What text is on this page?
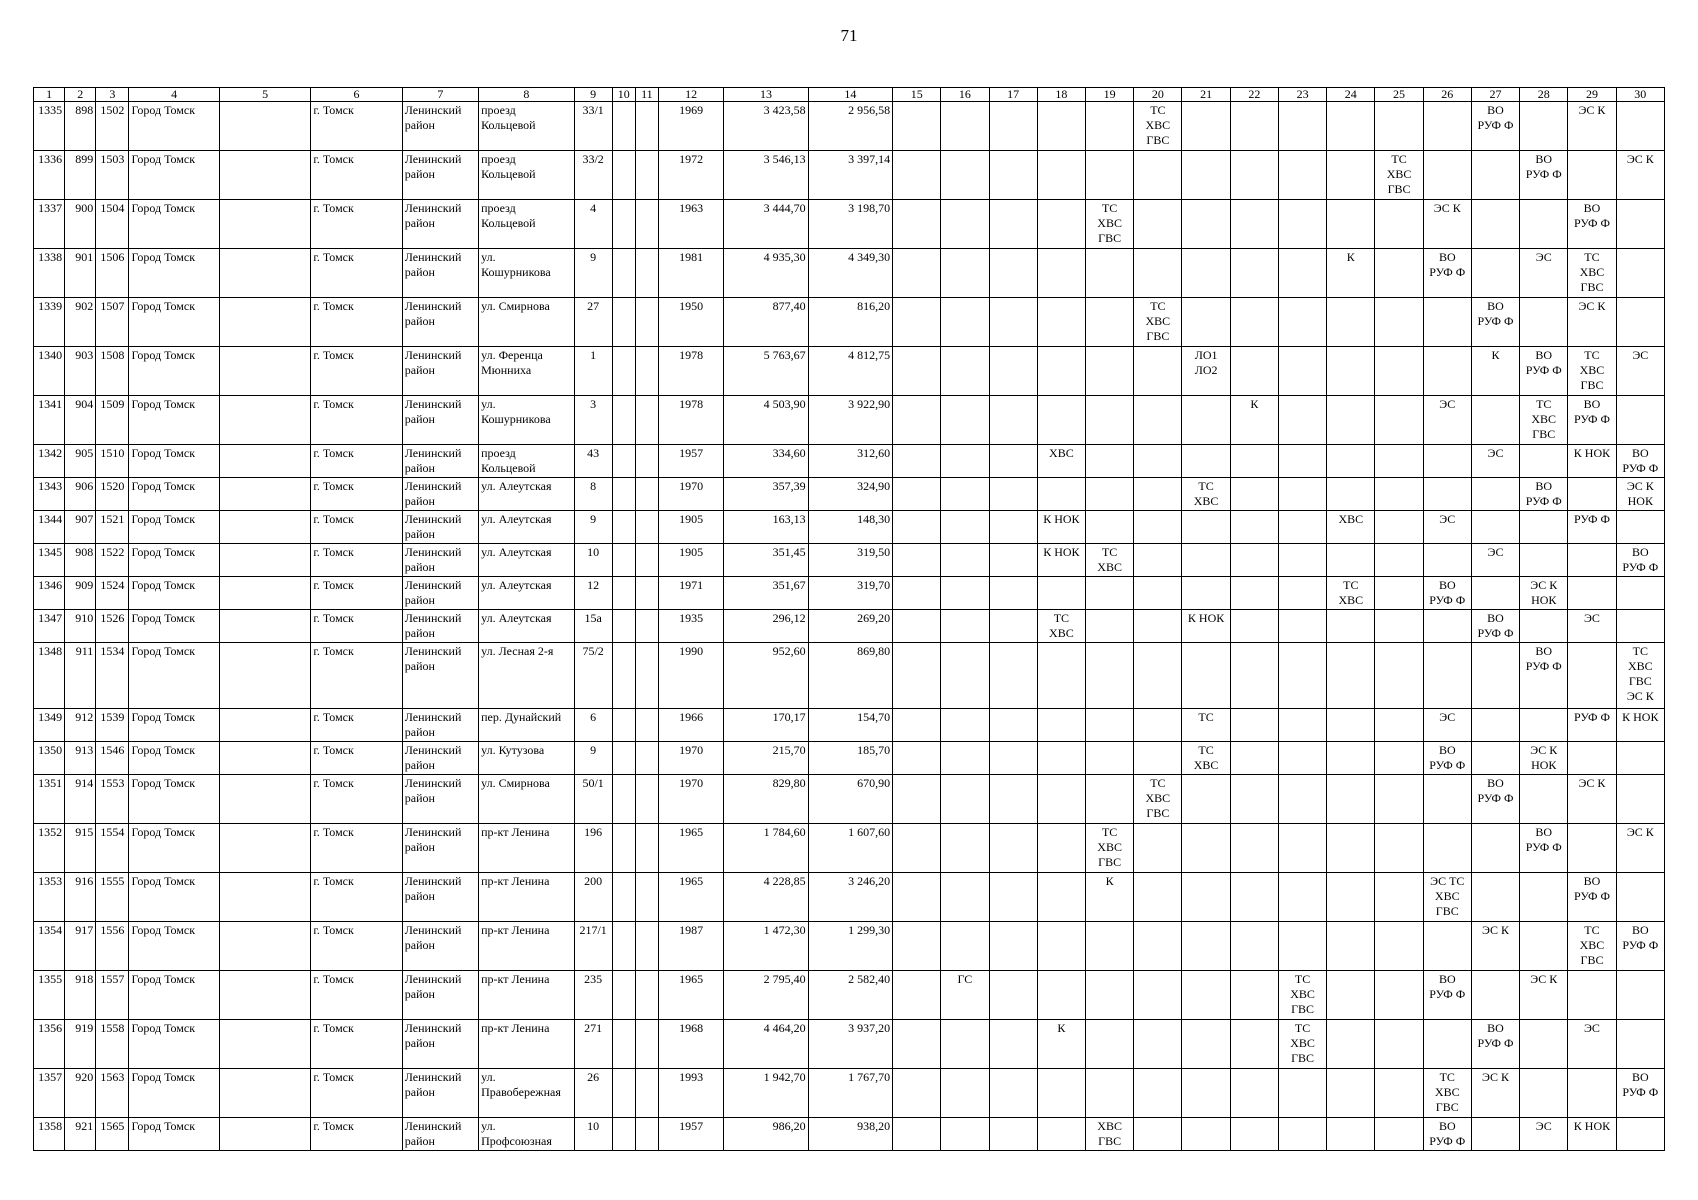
71
1	2	3	4	5	6	7	8	9	10	11	12	13	14	15	16	17	18	19	20	21	22	23	24	25	26	27	28	29	30
1335	898	1502	Город Томск		г. Томск	Ленинский
район	проезд
Кольцевой	33/1			1969	3 423,58	2 956,58						ТС
ХВС
ГВС							ВО
РУФ Ф		ЭС К	
1336	899	1503	Город Томск		г. Томск	Ленинский
район	проезд
Кольцевой	33/2			1972	3 546,13	3 397,14											ТС
ХВС
ГВС			ВО
РУФ Ф		ЭС К
1337	900	1504	Город Томск		г. Томск	Ленинский
район	проезд
Кольцевой	4			1963	3 444,70	3 198,70					ТС
ХВС
ГВС							ЭС К			ВО
РУФ Ф	
1338	901	1506	Город Томск		г. Томск	Ленинский
район	ул.
Кошурникова	9			1981	4 935,30	4 349,30										К		ВО
РУФ Ф		ЭС	ТС
ХВС
ГВС	
1339	902	1507	Город Томск		г. Томск	Ленинский
район	ул. Смирнова	27			1950	877,40	816,20						ТС
ХВС
ГВС							ВО
РУФ Ф		ЭС К	
1340	903	1508	Город Томск		г. Томск	Ленинский
район	ул. Ференца
Мюнниха	1			1978	5 763,67	4 812,75							ЛО1
ЛО2						К	ВО
РУФ Ф	ТС
ХВС
ГВС	ЭС
1341	904	1509	Город Томск		г. Томск	Ленинский
район	ул.
Кошурникова	3			1978	4 503,90	3 922,90								К				ЭС		ТС
ХВС
ГВС	ВО
РУФ Ф	
1342	905	1510	Город Томск		г. Томск	Ленинский
район	проезд
Кольцевой	43			1957	334,60	312,60				ХВС									ЭС		К НОК	ВО
РУФ Ф
1343	906	1520	Город Томск		г. Томск	Ленинский
район	ул. Алеутская	8			1970	357,39	324,90							ТС
ХВС							ВО
РУФ Ф		ЭС К
НОК
1344	907	1521	Город Томск		г. Томск	Ленинский
район	ул. Алеутская	9			1905	163,13	148,30				К НОК						ХВС		ЭС			РУФ Ф	
1345	908	1522	Город Томск		г. Томск	Ленинский
район	ул. Алеутская	10			1905	351,45	319,50				К НОК	ТС
ХВС								ЭС			ВО
РУФ Ф
1346	909	1524	Город Томск		г. Томск	Ленинский
район	ул. Алеутская	12			1971	351,67	319,70										ТС
ХВС		ВО
РУФ Ф		ЭС К
НОК		
1347	910	1526	Город Томск		г. Томск	Ленинский
район	ул. Алеутская	15а			1935	296,12	269,20				ТС
ХВС			К НОК						ВО
РУФ Ф		ЭС	
1348	911	1534	Город Томск		г. Томск	Ленинский
район	ул. Лесная 2-я	75/2			1990	952,60	869,80														ВО
РУФ Ф		ТС
ХВС
ГВС
ЭС К
1349	912	1539	Город Томск		г. Томск	Ленинский
район	пер. Дунайский	6			1966	170,17	154,70							ТС					ЭС			РУФ Ф	К НОК
1350	913	1546	Город Томск		г. Томск	Ленинский
район	ул. Кутузова	9			1970	215,70	185,70							ТС
ХВС					ВО
РУФ Ф		ЭС К
НОК		
1351	914	1553	Город Томск		г. Томск	Ленинский
район	ул. Смирнова	50/1			1970	829,80	670,90						ТС
ХВС
ГВС							ВО
РУФ Ф		ЭС К	
1352	915	1554	Город Томск		г. Томск	Ленинский
район	пр-кт Ленина	196			1965	1 784,60	1 607,60					ТС
ХВС
ГВС									ВО
РУФ Ф		ЭС К
1353	916	1555	Город Томск		г. Томск	Ленинский
район	пр-кт Ленина	200			1965	4 228,85	3 246,20					К							ЭС ТС
ХВС
ГВС			ВО
РУФ Ф	
1354	917	1556	Город Томск		г. Томск	Ленинский
район	пр-кт Ленина	217/1			1987	1 472,30	1 299,30													ЭС К		ТС
ХВС
ГВС	ВО
РУФ Ф
1355	918	1557	Город Томск		г. Томск	Ленинский
район	пр-кт Ленина	235			1965	2 795,40	2 582,40		ГС							ТС
ХВС
ГВС			ВО
РУФ Ф		ЭС К		
1356	919	1558	Город Томск		г. Томск	Ленинский
район	пр-кт Ленина	271			1968	4 464,20	3 937,20				К					ТС
ХВС
ГВС				ВО
РУФ Ф		ЭС	
1357	920	1563	Город Томск		г. Томск	Ленинский
район	ул.
Правобережная	26			1993	1 942,70	1 767,70												ТС
ХВС
ГВС	ЭС К			ВО
РУФ Ф
1358	921	1565	Город Томск		г. Томск	Ленинский
район	ул.
Профсоюзная	10			1957	986,20	938,20					ХВС
ГВС							ВО
РУФ Ф		ЭС	К НОК	
